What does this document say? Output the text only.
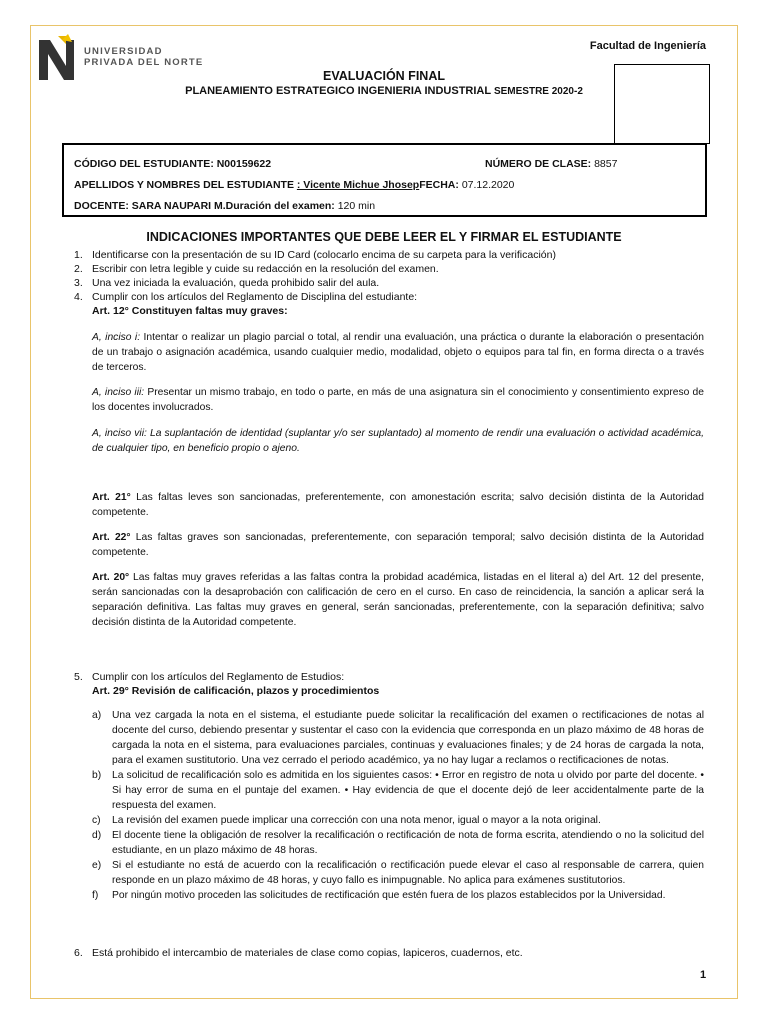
UNIVERSIDAD
PRIVADA DEL NORTE
Facultad de Ingeniería
EVALUACIÓN FINAL
PLANEAMIENTO ESTRATEGICO INGENIERIA INDUSTRIAL SEMESTRE 2020-2
CÓDIGO DEL ESTUDIANTE: N00159622	NÚMERO DE CLASE: 8857
APELLIDOS Y NOMBRES DEL ESTUDIANTE : Vicente Michue JhosepFECHA: 07.12.2020
DOCENTE: SARA NAUPARI M.Duración del examen: 120 min
INDICACIONES IMPORTANTES QUE DEBE LEER EL Y FIRMAR EL ESTUDIANTE
1. Identificarse con la presentación de su ID Card (colocarlo encima de su carpeta para la verificación)
2. Escribir con letra legible y cuide su redacción en la resolución del examen.
3. Una vez iniciada la evaluación, queda prohibido salir del aula.
4. Cumplir con los artículos del Reglamento de Disciplina del estudiante:
Art. 12° Constituyen faltas muy graves:
A, inciso i: Intentar o realizar un plagio parcial o total, al rendir una evaluación, una práctica o durante la elaboración o presentación de un trabajo o asignación académica, usando cualquier medio, modalidad, objeto o equipos para tal fin, en forma directa o a través de terceros.
A, inciso iii: Presentar un mismo trabajo, en todo o parte, en más de una asignatura sin el conocimiento y consentimiento expreso de los docentes involucrados.
A, inciso vii: La suplantación de identidad (suplantar y/o ser suplantado) al momento de rendir una evaluación o actividad académica, de cualquier tipo, en beneficio propio o ajeno.
Art. 21° Las faltas leves son sancionadas, preferentemente, con amonestación escrita; salvo decisión distinta de la Autoridad competente.
Art. 22° Las faltas graves son sancionadas, preferentemente, con separación temporal; salvo decisión distinta de la Autoridad competente.
Art. 20° Las faltas muy graves referidas a las faltas contra la probidad académica, listadas en el literal a) del Art. 12 del presente, serán sancionadas con la desaprobación con calificación de cero en el curso. En caso de reincidencia, la sanción a aplicar será la separación definitiva. Las faltas muy graves en general, serán sancionadas, preferentemente, con la separación definitiva; salvo decisión distinta de la Autoridad competente.
5. Cumplir con los artículos del Reglamento de Estudios:
Art. 29° Revisión de calificación, plazos y procedimientos
a)	Una vez cargada la nota en el sistema, el estudiante puede solicitar la recalificación del examen o rectificaciones de notas al docente del curso, debiendo presentar y sustentar el caso con la evidencia que corresponda en un plazo máximo de 48 horas de cargada la nota en el sistema, para evaluaciones parciales, continuas y evaluaciones finales; y de 24 horas de cargada la nota, para el examen sustitutorio. Una vez cerrado el periodo académico, ya no hay lugar a reclamos o rectificaciones de notas.
b)	La solicitud de recalificación solo es admitida en los siguientes casos: • Error en registro de nota u olvido por parte del docente. • Si hay error de suma en el puntaje del examen. • Hay evidencia de que el docente dejó de leer accidentalmente parte de la respuesta del examen.
c)	La revisión del examen puede implicar una corrección con una nota menor, igual o mayor a la nota original.
d)	El docente tiene la obligación de resolver la recalificación o rectificación de nota de forma escrita, atendiendo o no la solicitud del estudiante, en un plazo máximo de 48 horas.
e)	Si el estudiante no está de acuerdo con la recalificación o rectificación puede elevar el caso al responsable de carrera, quien responde en un plazo máximo de 48 horas, y cuyo fallo es inimpugnable. No aplica para exámenes sustitutorios.
f)	Por ningún motivo proceden las solicitudes de rectificación que estén fuera de los plazos establecidos por la Universidad.
6. Está prohibido el intercambio de materiales de clase como copias, lapiceros, cuadernos, etc.
1
